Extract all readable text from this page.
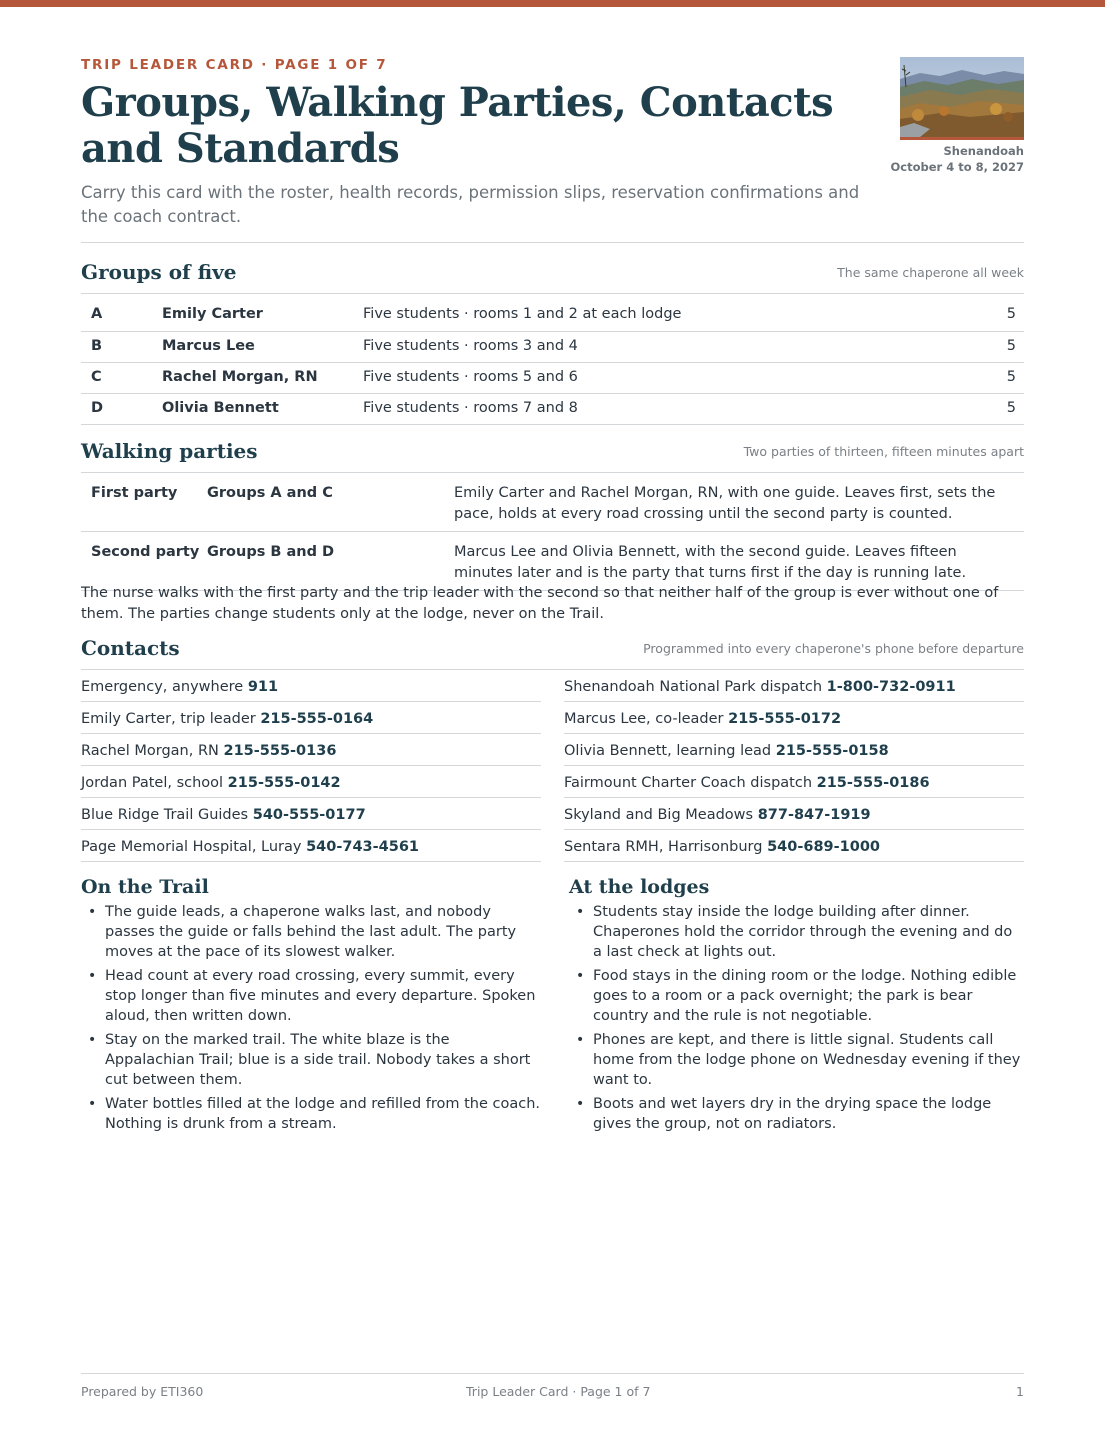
TRIP LEADER CARD · PAGE 1 OF 7
Groups, Walking Parties, Contacts and Standards

Carry this card with the roster, health records, permission slips, reservation confirmations and the coach contract.

Shenandoah
October 4 to 8, 2027
Groups of five	The same chaperone all week
A	Emily Carter	Five students · rooms 1 and 2 at each lodge	5
B	Marcus Lee	Five students · rooms 3 and 4	5
C	Rachel Morgan, RN	Five students · rooms 5 and 6	5
D	Olivia Bennett	Five students · rooms 7 and 8	5
Walking parties	Two parties of thirteen, fifteen minutes apart
First party	Groups A and C	Emily Carter and Rachel Morgan, RN, with one guide. Leaves first, sets the pace, holds at every road crossing until the second party is counted.
Second party	Groups B and D	Marcus Lee and Olivia Bennett, with the second guide. Leaves fifteen minutes later and is the party that turns first if the day is running late.

The nurse walks with the first party and the trip leader with the second so that neither half of the group is ever without one of them. The parties change students only at the lodge, never on the Trail.

Contacts	Programmed into every chaperone's phone before departure
Emergency, anywhere 911
Emily Carter, trip leader 215-555-0164
Rachel Morgan, RN 215-555-0136
Jordan Patel, school 215-555-0142
Blue Ridge Trail Guides 540-555-0177
Page Memorial Hospital, Luray 540-743-4561
Shenandoah National Park dispatch 1-800-732-0911
Marcus Lee, co-leader 215-555-0172
Olivia Bennett, learning lead 215-555-0158
Fairmount Charter Coach dispatch 215-555-0186
Skyland and Big Meadows 877-847-1919
Sentara RMH, Harrisonburg 540-689-1000
On the Trail
• The guide leads, a chaperone walks last, and nobody passes the guide or falls behind the last adult. The party moves at the pace of its slowest walker.
• Head count at every road crossing, every summit, every stop longer than five minutes and every departure. Spoken aloud, then written down.
• Stay on the marked trail. The white blaze is the Appalachian Trail; blue is a side trail. Nobody takes a short cut between them.
• Water bottles filled at the lodge and refilled from the coach. Nothing is drunk from a stream.
At the lodges
• Students stay inside the lodge building after dinner. Chaperones hold the corridor through the evening and do a last check at lights out.
• Food stays in the dining room or the lodge. Nothing edible goes to a room or a pack overnight; the park is bear country and the rule is not negotiable.
• Phones are kept, and there is little signal. Students call home from the lodge phone on Wednesday evening if they want to.
• Boots and wet layers dry in the drying space the lodge gives the group, not on radiators.
Prepared by ETI360	Trip Leader Card · Page 1 of 7	1
